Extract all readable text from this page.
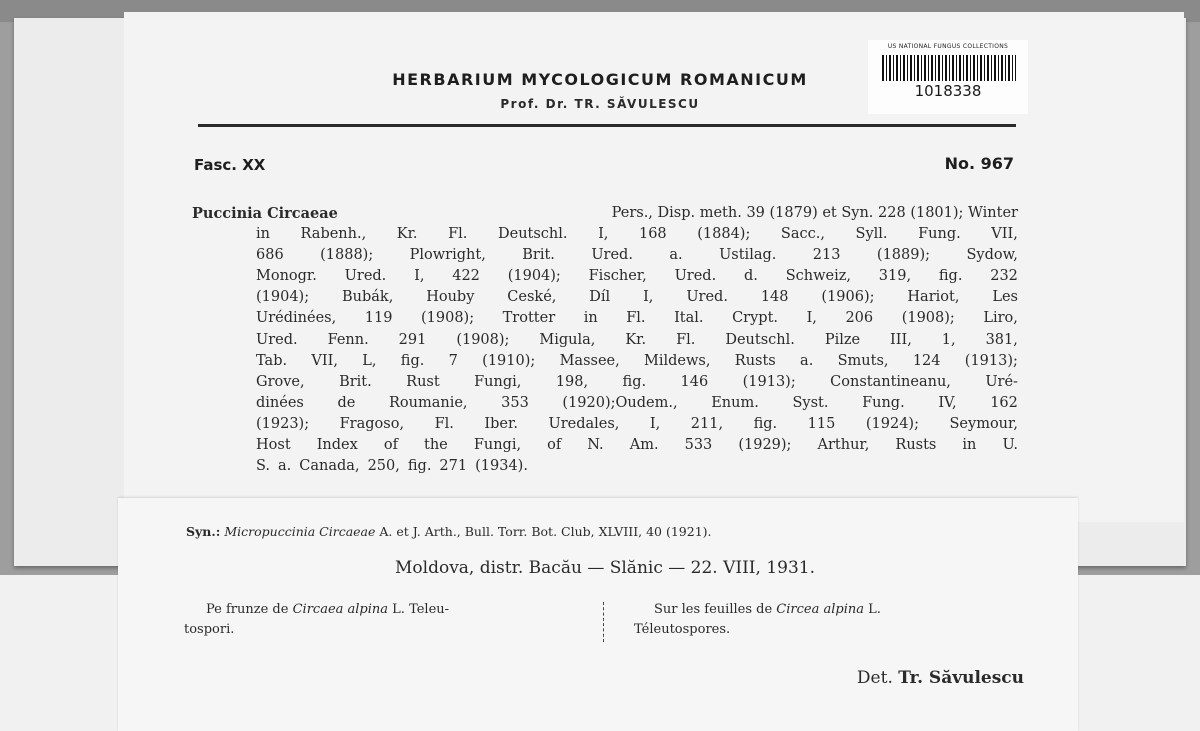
HERBARIUM MYCOLOGICUM ROMANICUM
Prof. Dr. TR. SĂVULESCU
US NATIONAL FUNGUS COLLECTIONS
1018338
Fasc. XX	No. 967
Puccinia Circaeae	Pers., Disp. meth. 39 (1879) et Syn. 228 (1801); Winter
in Rabenh., Kr. Fl. Deutschl. I, 168 (1884); Sacc., Syll. Fung. VII,
686	(1888);	Plowright,	Brit.	Ured.	a.	Ustilag.	213	(1889);	Sydow,
Monogr. Ured. I, 422 (1904); Fischer, Ured. d. Schweiz, 319, fig. 232
(1904); Bubák, Houby Ceské, Díl I, Ured. 148 (1906); Hariot, Les
Urédinées, 119 (1908); Trotter in Fl. Ital. Crypt. I, 206 (1908); Liro,
Ured. Fenn. 291 (1908); Migula, Kr. Fl. Deutschl. Pilze III, 1, 381,
Tab. VII, L, fig. 7 (1910); Massee, Mildews, Rusts a. Smuts, 124 (1913);
Grove, Brit. Rust Fungi, 198, fig. 146 (1913); Constantineanu, Uré-
dinées de Roumanie, 353 (1920);Oudem., Enum. Syst. Fung. IV, 162
(1923); Fragoso, Fl. Iber. Uredales, I, 211, fig. 115 (1924); Seymour,
Host Index of the Fungi, of N. Am. 533 (1929); Arthur, Rusts in U.
S. a. Canada, 250, fig. 271 (1934).
Syn.: Micropuccinia Circaeae A. et J. Arth., Bull. Torr. Bot. Club, XLVIII, 40 (1921).
Moldova, distr. Bacău — Slănic — 22. VIII, 1931.
Pe frunze de Circaea alpina L. Teleu-
tospori.
Sur les feuilles de Circea alpina L.
Téleutospores.
Det. Tr. Săvulescu
